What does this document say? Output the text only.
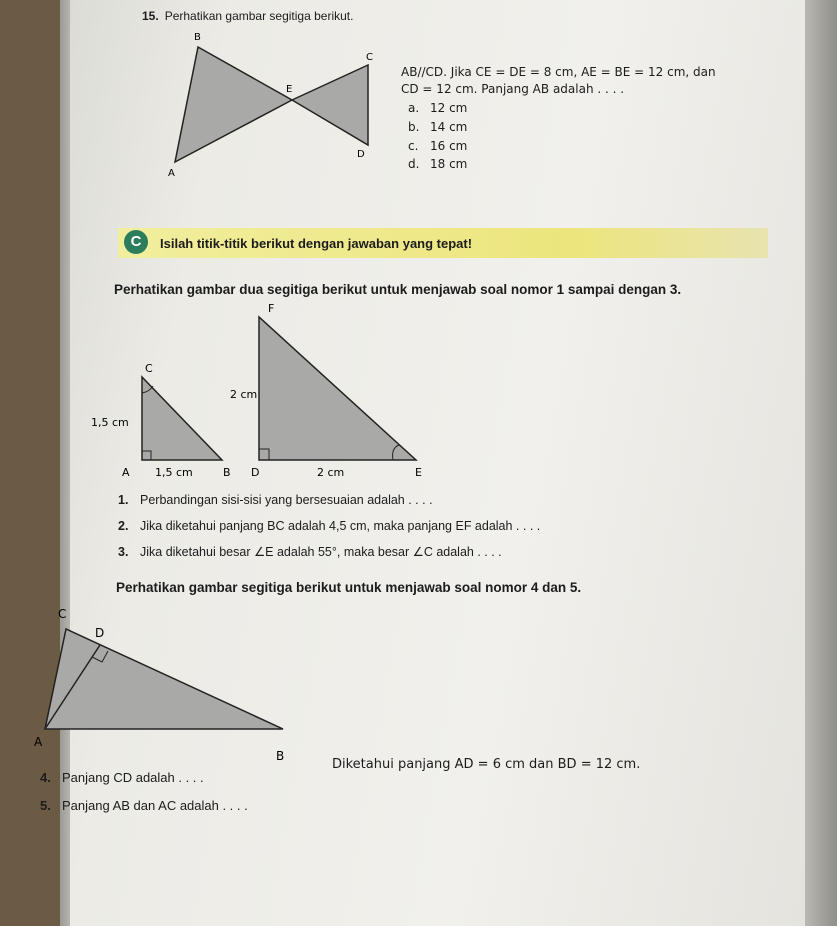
15. Perhatikan gambar segitiga berikut.
B
C
E
D
A
AB//CD. Jika CE = DE = 8 cm, AE = BE = 12 cm, dan
CD = 12 cm. Panjang AB adalah . . . .
a. 12 cm
b. 14 cm
c. 16 cm
d. 18 cm
C	Isilah titik-titik berikut dengan jawaban yang tepat!
Perhatikan gambar dua segitiga berikut untuk menjawab soal nomor 1 sampai dengan 3.
C
1,5 cm
A 1,5 cm	B
F
2 cm
D	2 cm	E
1. Perbandingan sisi-sisi yang bersesuaian adalah . . . .
2. Jika diketahui panjang BC adalah 4,5 cm, maka panjang EF adalah . . . .
3. Jika diketahui besar ∠E adalah 55°, maka besar ∠C adalah . . . .
Perhatikan gambar segitiga berikut untuk menjawab soal nomor 4 dan 5.
C
D
A
B
Diketahui panjang AD = 6 cm dan BD = 12 cm.
4. Panjang CD adalah . . . .
5. Panjang AB dan AC adalah . . . .
